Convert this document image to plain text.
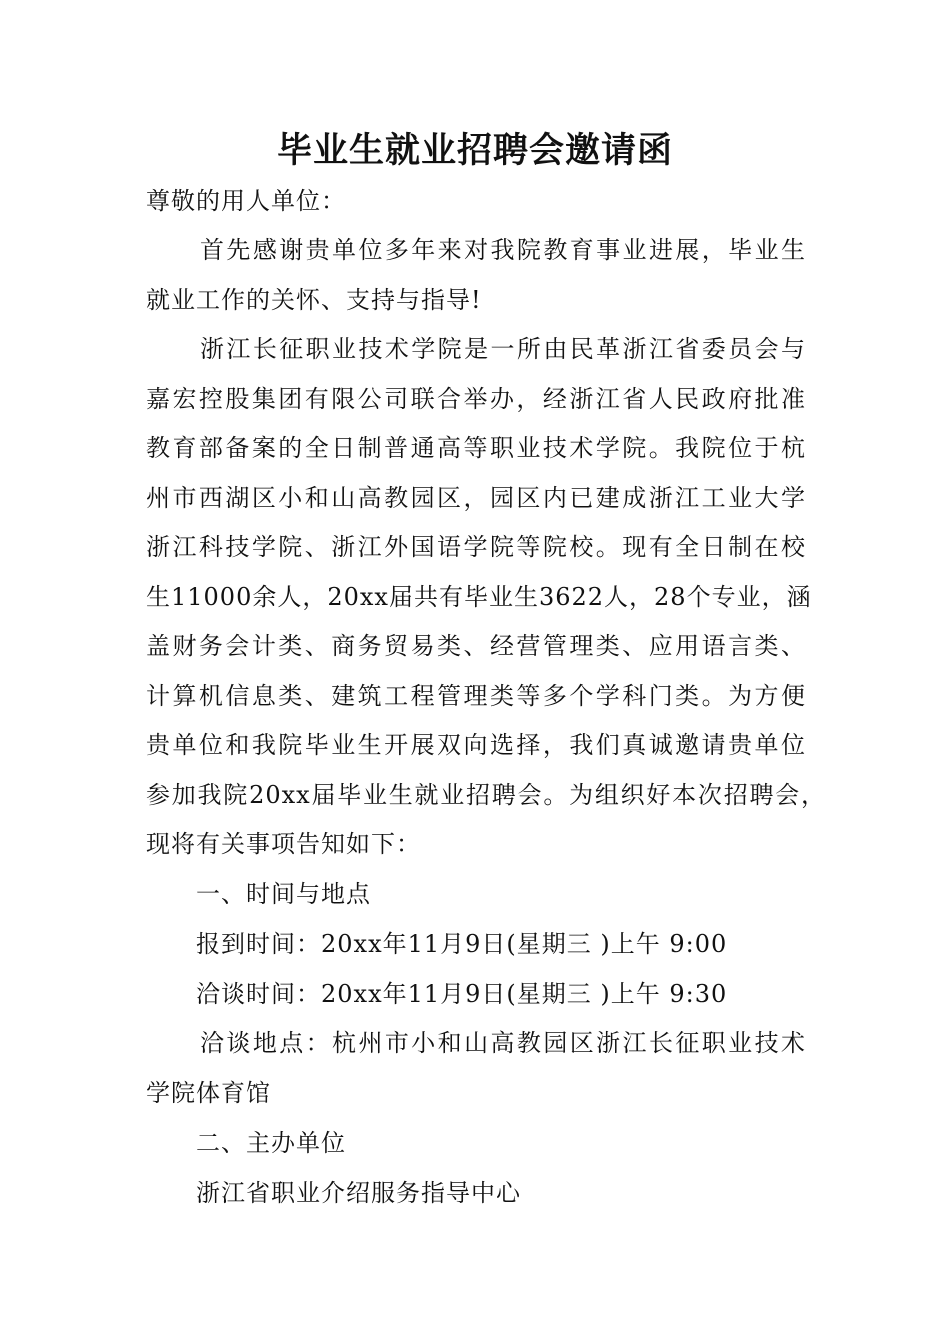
毕业生就业招聘会邀请函

尊敬的用人单位：

首先感谢贵单位多年来对我院教育事业进展，毕业生

就业工作的关怀、支持与指导!

浙江长征职业技术学院是一所由民革浙江省委员会与

嘉宏控股集团有限公司联合举办，经浙江省人民政府批准

教育部备案的全日制普通高等职业技术学院。我院位于杭

州市西湖区小和山高教园区，园区内已建成浙江工业大学

浙江科技学院、浙江外国语学院等院校。现有全日制在校

生11000余人，20xx届共有毕业生3622人，28个专业，涵

盖财务会计类、商务贸易类、经营管理类、应用语言类、

计算机信息类、建筑工程管理类等多个学科门类。为方便

贵单位和我院毕业生开展双向选择，我们真诚邀请贵单位

参加我院20xx届毕业生就业招聘会。为组织好本次招聘会，

现将有关事项告知如下：

一、时间与地点

报到时间：20xx年11月9日(星期三 )上午 9:00

洽谈时间：20xx年11月9日(星期三 )上午 9:30

洽谈地点：杭州市小和山高教园区浙江长征职业技术

学院体育馆

二、主办单位

浙江省职业介绍服务指导中心
